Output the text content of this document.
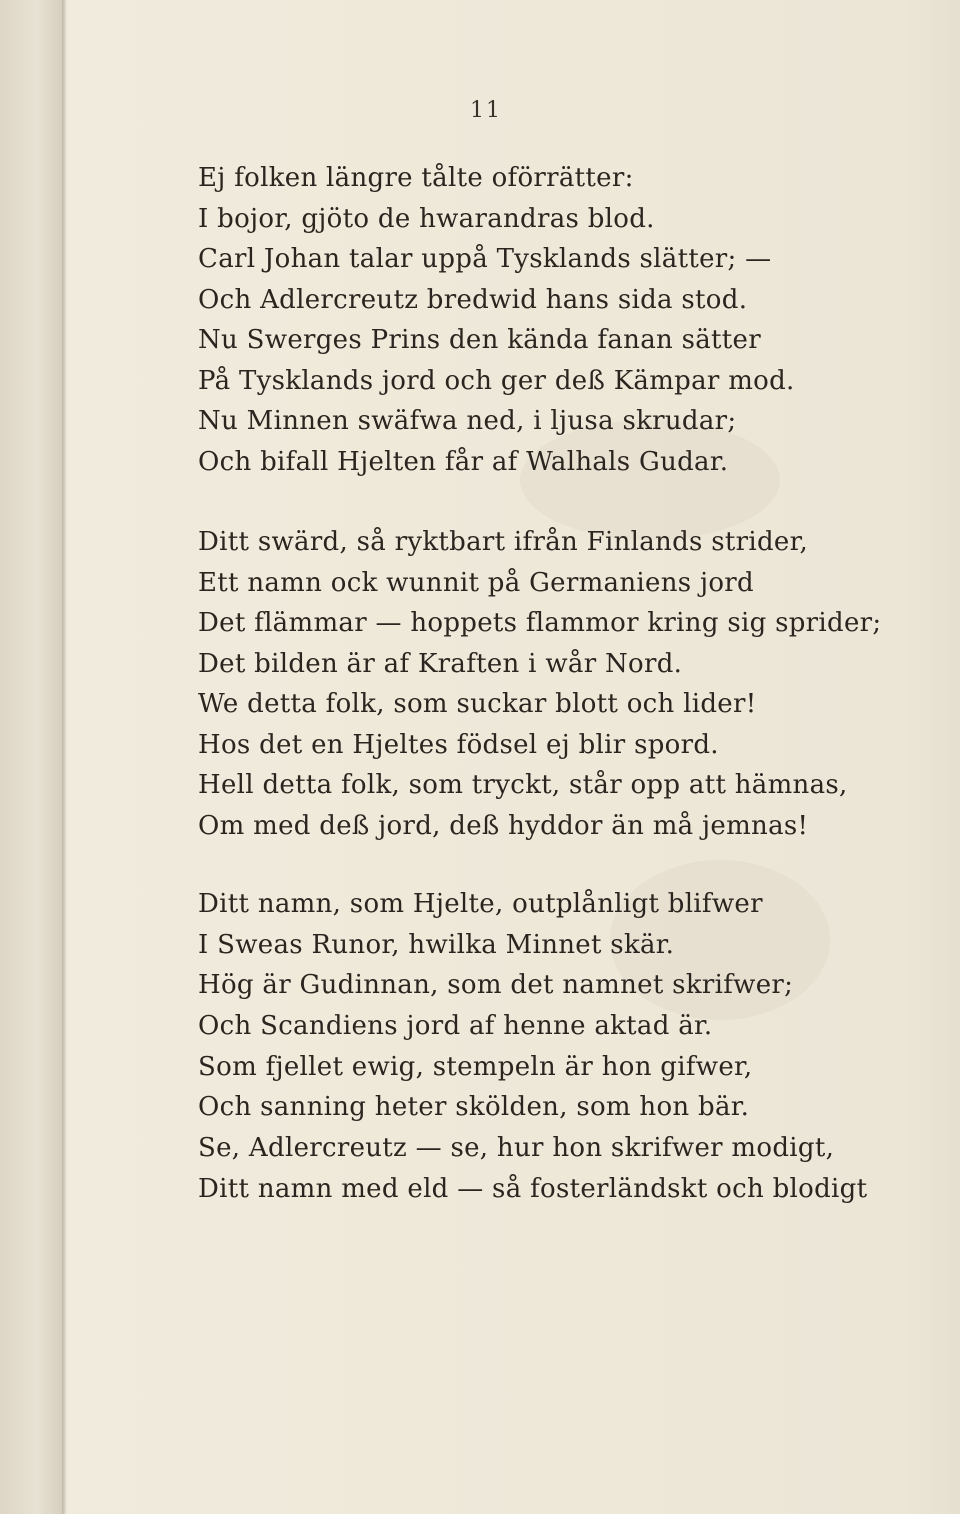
11
Ej folken längre tålte oförrätter:
I bojor, gjöto de hwarandras blod.
Carl Johan talar uppå Tysklands slätter; —
Och Adlercreutz bredwid hans sida stod.
Nu Swerges Prins den kända fanan sätter
På Tysklands jord och ger deß Kämpar mod.
Nu Minnen swäfwa ned, i ljusa skrudar;
Och bifall Hjelten får af Walhals Gudar.
Ditt swärd, så ryktbart ifrån Finlands strider,
Ett namn ock wunnit på Germaniens jord
Det flämmar — hoppets flammor kring sig sprider;
Det bilden är af Kraften i wår Nord.
We detta folk, som suckar blott och lider!
Hos det en Hjeltes födsel ej blir spord.
Hell detta folk, som tryckt, står opp att hämnas,
Om med deß jord, deß hyddor än må jemnas!
Ditt namn, som Hjelte, outplånligt blifwer
I Sweas Runor, hwilka Minnet skär.
Hög är Gudinnan, som det namnet skrifwer;
Och Scandiens jord af henne aktad är.
Som fjellet ewig, stempeln är hon gifwer,
Och sanning heter skölden, som hon bär.
Se, Adlercreutz — se, hur hon skrifwer modigt,
Ditt namn med eld — så fosterländskt och blodigt
